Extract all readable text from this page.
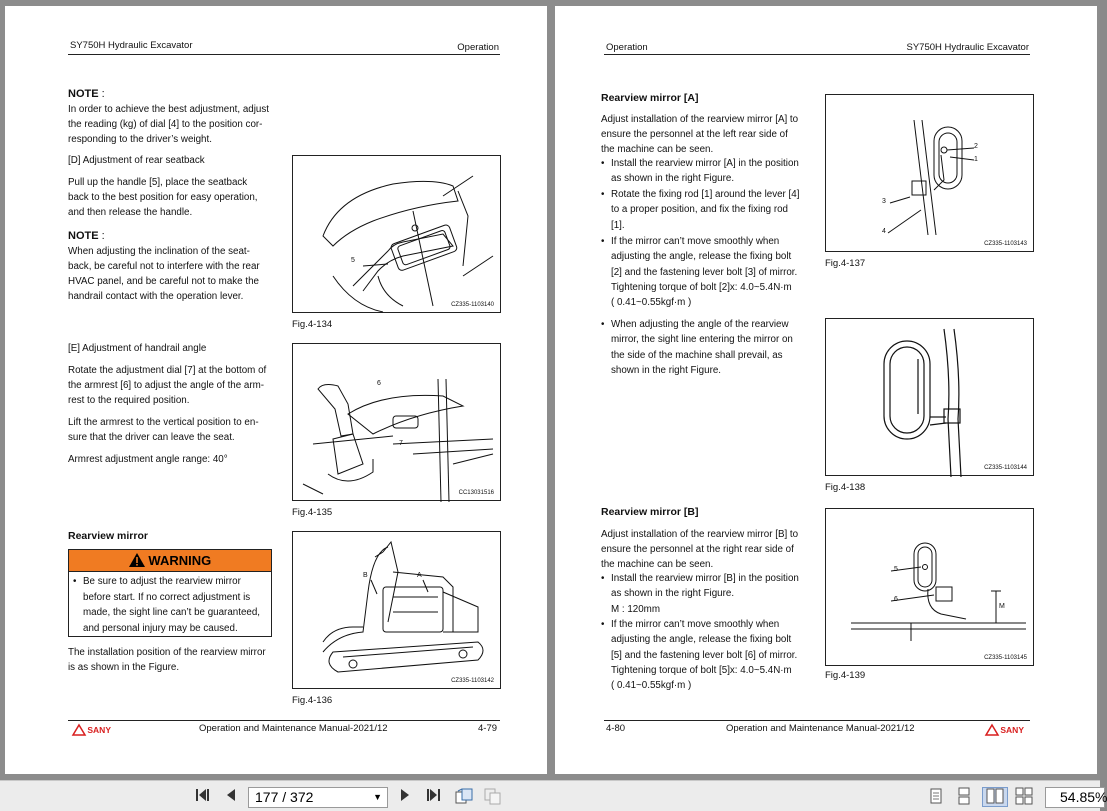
SY750H Hydraulic Excavator	Operation
NOTE :
In order to achieve the best adjustment, adjust
the reading (kg) of dial [4] to the position cor-
responding to the driver’s weight.
[D] Adjustment of rear seatback
Pull up the handle [5], place the seatback
back to the best position for easy operation,
and then release the handle.
NOTE :
When adjusting the inclination of the seat-
back, be careful not to interfere with the rear
HVAC panel, and be careful not to make the
handrail contact with the operation lever.
5
CZ335-1103140
Fig.4-134
[E] Adjustment of handrail angle
Rotate the adjustment dial [7] at the bottom of
the armrest [6] to adjust the angle of the arm-
rest to the required position.
Lift the armrest to the vertical position to en-
sure that the driver can leave the seat.
Armrest adjustment angle range: 40°
6
7
CC13031516
Fig.4-135
Rearview mirror
WARNING
• Be sure to adjust the rearview mirror
before start. If no correct adjustment is
made, the sight line can’t be guaranteed,
and personal injury may be caused.
The installation position of the rearview mirror
is as shown in the Figure.
B	A
CZ335-1103142
Fig.4-136
SANY	Operation and Maintenance Manual-2021/12	4-79
Operation	SY750H Hydraulic Excavator
Rearview mirror [A]
Adjust installation of the rearview mirror [A] to
ensure the personnel at the left rear side of
the machine can be seen.
• Install the rearview mirror [A] in the position
as shown in the right Figure.
• Rotate the fixing rod [1] around the lever [4]
to a proper position, and fix the fixing rod
[1].
• If the mirror can’t move smoothly when
adjusting the angle, release the fixing bolt
[2] and the fastening lever bolt [3] of mirror.
Tightening torque of bolt [2]x: 4.0~5.4N·m
( 0.41~0.55kgf·m )
• When adjusting the angle of the rearview
mirror, the sight line entering the mirror on
the side of the machine shall prevail, as
shown in the right Figure.
2
1
3
4
CZ335-1103143
Fig.4-137
CZ335-1103144
Fig.4-138
Rearview mirror [B]
Adjust installation of the rearview mirror [B] to
ensure the personnel at the right rear side of
the machine can be seen.
• Install the rearview mirror [B] in the position
as shown in the right Figure.
M : 120mm
• If the mirror can’t move smoothly when
adjusting the angle, release the fixing bolt
[5] and the fastening lever bolt [6] of mirror.
Tightening torque of bolt [5]x: 4.0~5.4N·m
( 0.41~0.55kgf·m )
5
6
M
CZ335-1103145
Fig.4-139
4-80	Operation and Maintenance Manual-2021/12	SANY
177 / 372	▼	54.85%
